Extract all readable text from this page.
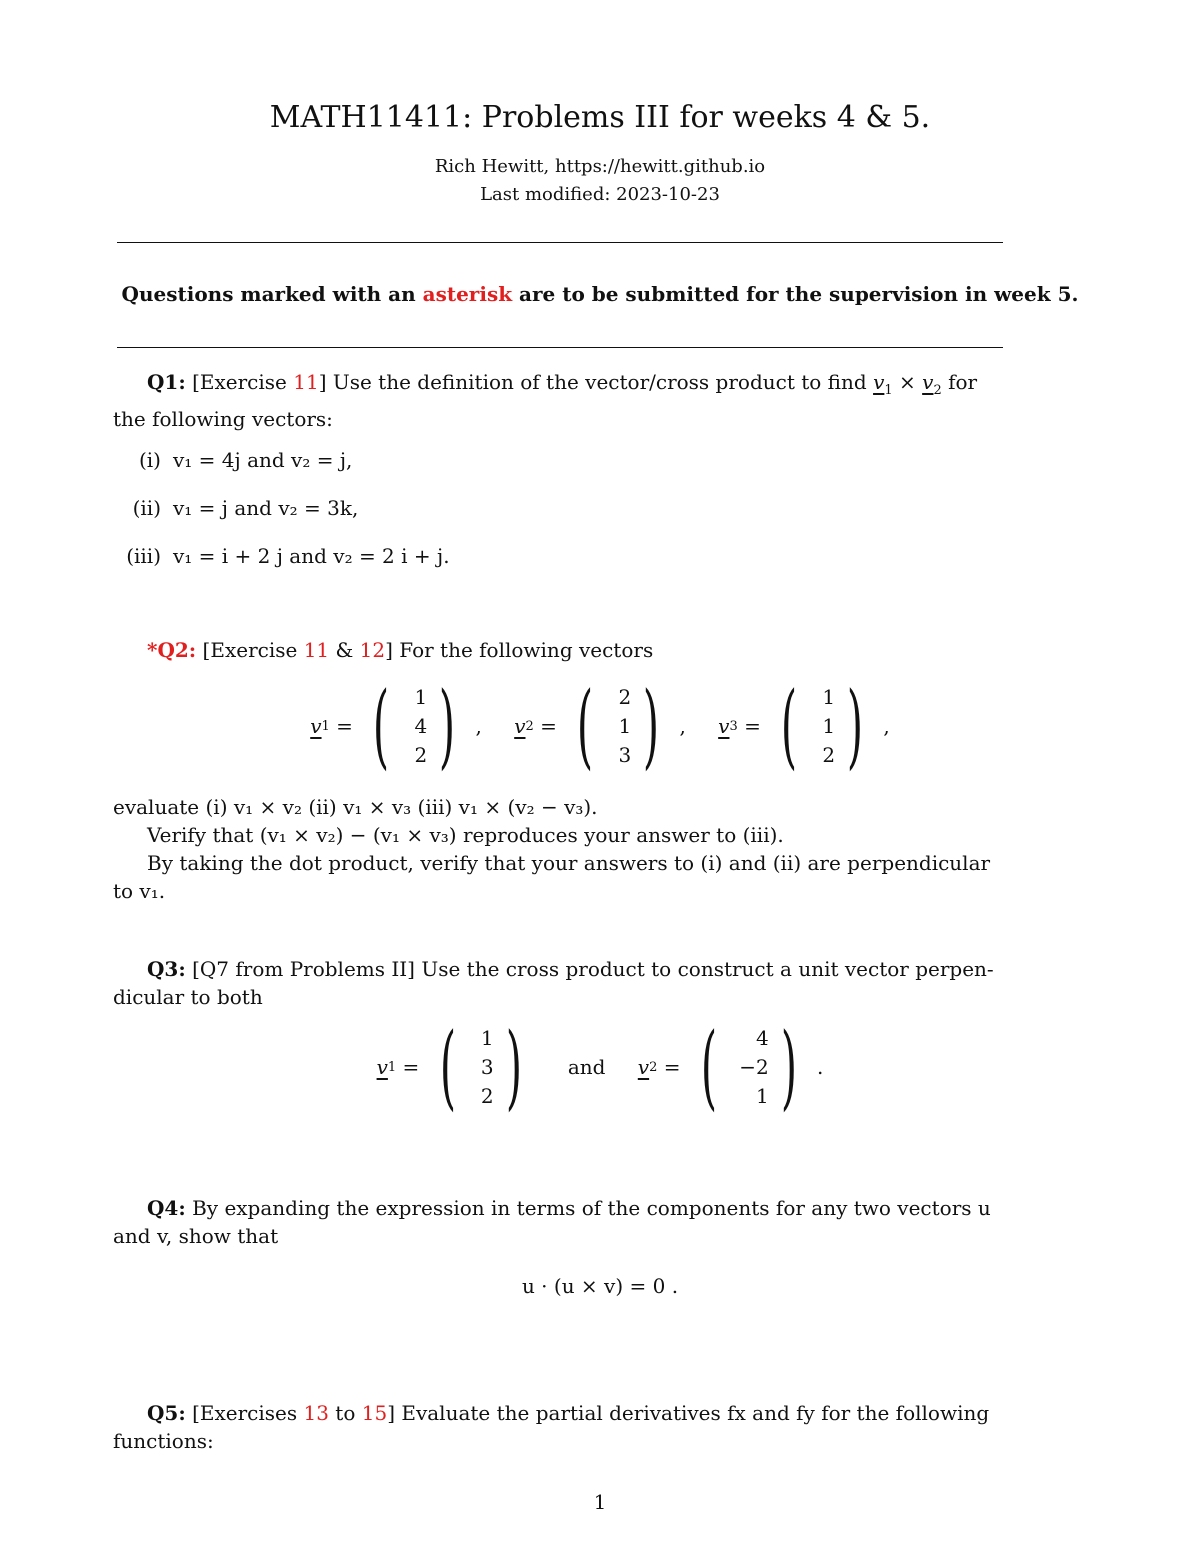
MATH11411: Problems III for weeks 4 & 5.
Rich Hewitt, https://hewitt.github.io
Last modified: 2023-10-23
Questions marked with an asterisk are to be submitted for the supervision in week 5.
Q1: [Exercise 11] Use the definition of the vector/cross product to find $v_1 \times v_2$ for
the following vectors:
(i) v₁ = 4j and v₂ = j,
(ii) v₁ = j and v₂ = 3k,
(iii) v₁ = i + 2 j and v₂ = 2 i + j.
*Q2: [Exercise 11 & 12] For the following vectors
v 1 = ( 1
4
2 ) , v 2 = ( 2
1
3 ) , v 3 = ( 1
1
2 ) ,
evaluate (i) v₁ × v₂ (ii) v₁ × v₃ (iii) v₁ × (v₂ − v₃).
Verify that (v₁ × v₂) − (v₁ × v₃) reproduces your answer to (iii).
By taking the dot product, verify that your answers to (i) and (ii) are perpendicular
to v₁.
Q3: [Q7 from Problems II] Use the cross product to construct a unit vector perpen-
dicular to both
v 1 = ( 1
3
2 ) and v 2 = ( 4
−2
1 ) .
Q4: By expanding the expression in terms of the components for any two vectors u
and v, show that
u · (u × v) = 0 .
Q5: [Exercises 13 to 15] Evaluate the partial derivatives fx and fy for the following
functions:
1
